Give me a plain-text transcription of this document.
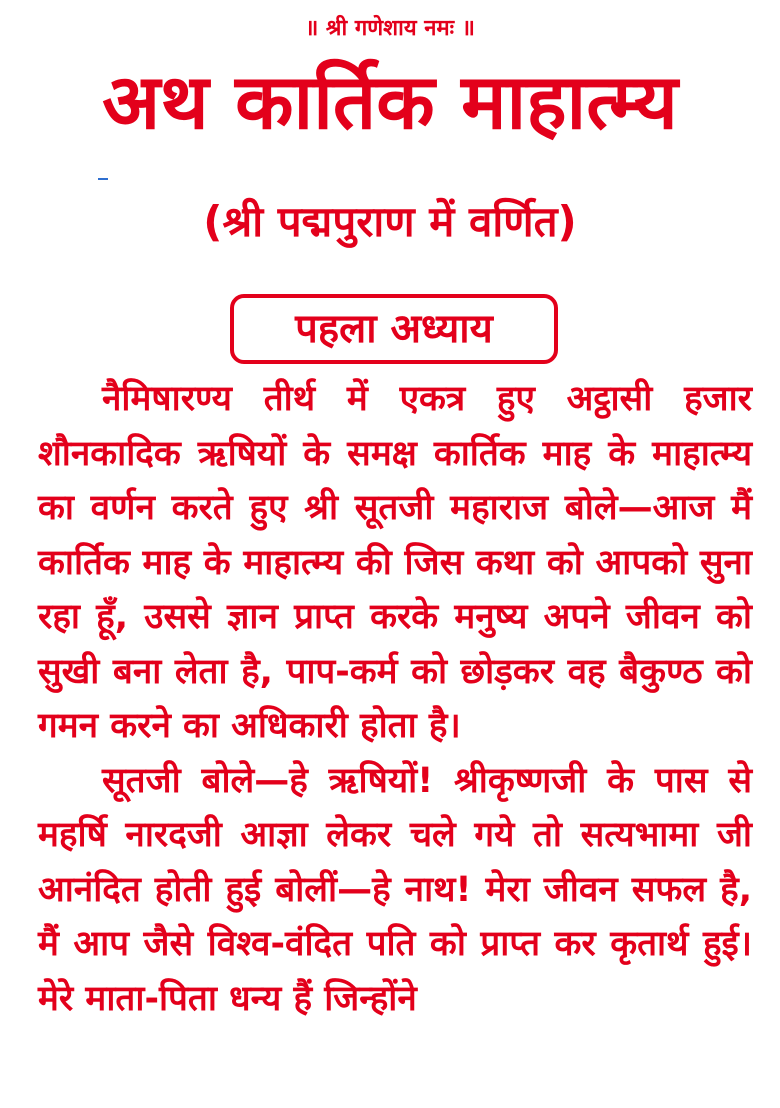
॥ श्री गणेशाय नमः ॥
अथ कार्तिक माहात्म्य
(श्री पद्मपुराण में वर्णित)
पहला अध्याय

नैमिषारण्य तीर्थ में एकत्र हुए अट्ठासी हजार शौनकादिक ऋषियों के समक्ष कार्तिक माह के माहात्म्य का वर्णन करते हुए श्री सूतजी महाराज बोले—आज मैं कार्तिक माह के माहात्म्य की जिस कथा को आपको सुना रहा हूँ, उससे ज्ञान प्राप्त करके मनुष्य अपने जीवन को सुखी बना लेता है, पाप-कर्म को छोड़कर वह बैकुण्ठ को गमन करने का अधिकारी होता है।

सूतजी बोले—हे ऋषियों! श्रीकृष्णजी के पास से महर्षि नारदजी आज्ञा लेकर चले गये तो सत्यभामा जी आनंदित होती हुई बोलीं—हे नाथ! मेरा जीवन सफल है, मैं आप जैसे विश्व-वंदित पति को प्राप्त कर कृतार्थ हुई। मेरे माता-पिता धन्य हैं जिन्होंने
